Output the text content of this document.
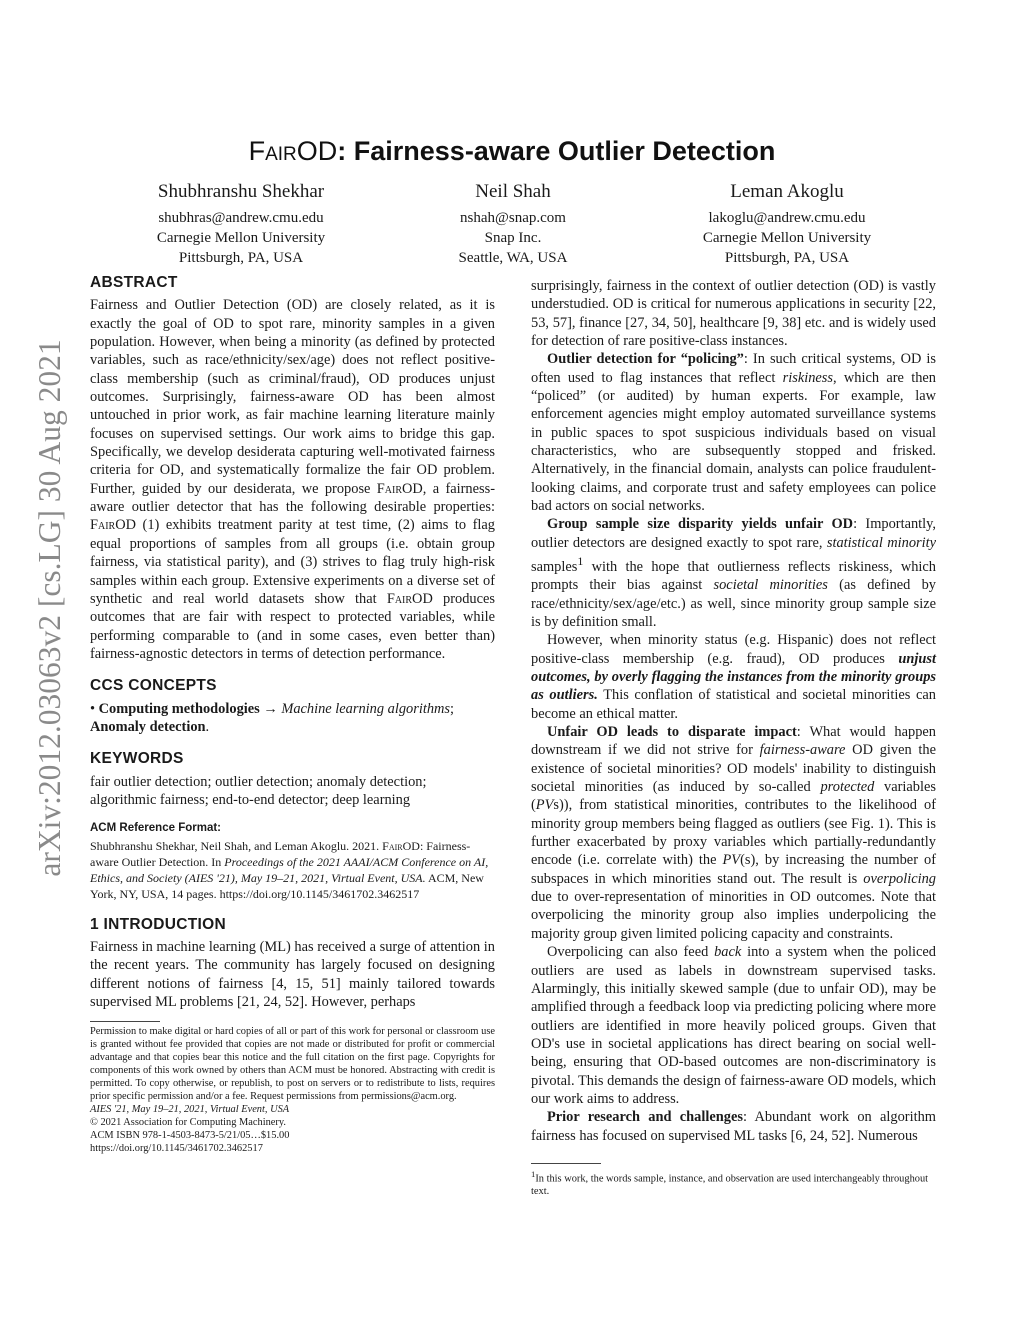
arXiv:2012.03063v2 [cs.LG] 30 Aug 2021
FairOD: Fairness-aware Outlier Detection
Shubhranshu Shekhar
shubhras@andrew.cmu.edu
Carnegie Mellon University
Pittsburgh, PA, USA
Neil Shah
nshah@snap.com
Snap Inc.
Seattle, WA, USA
Leman Akoglu
lakoglu@andrew.cmu.edu
Carnegie Mellon University
Pittsburgh, PA, USA
ABSTRACT

Fairness and Outlier Detection (OD) are closely related, as it is exactly the goal of OD to spot rare, minority samples in a given population. However, when being a minority (as defined by protected variables, such as race/ethnicity/sex/age) does not reflect positive-class membership (such as criminal/fraud), OD produces unjust outcomes. Surprisingly, fairness-aware OD has been almost untouched in prior work, as fair machine learning literature mainly focuses on supervised settings. Our work aims to bridge this gap. Specifically, we develop desiderata capturing well-motivated fairness criteria for OD, and systematically formalize the fair OD problem. Further, guided by our desiderata, we propose FairOD, a fairness-aware outlier detector that has the following desirable properties: FairOD (1) exhibits treatment parity at test time, (2) aims to flag equal proportions of samples from all groups (i.e. obtain group fairness, via statistical parity), and (3) strives to flag truly high-risk samples within each group. Extensive experiments on a diverse set of synthetic and real world datasets show that FairOD produces outcomes that are fair with respect to protected variables, while performing comparable to (and in some cases, even better than) fairness-agnostic detectors in terms of detection performance.

CCS CONCEPTS

• Computing methodologies → Machine learning algorithms; Anomaly detection.

KEYWORDS

fair outlier detection; outlier detection; anomaly detection; algorithmic fairness; end-to-end detector; deep learning

ACM Reference Format:

Shubhranshu Shekhar, Neil Shah, and Leman Akoglu. 2021. FairOD: Fairness-aware Outlier Detection. In Proceedings of the 2021 AAAI/ACM Conference on AI, Ethics, and Society (AIES '21), May 19–21, 2021, Virtual Event, USA. ACM, New York, NY, USA, 14 pages. https://doi.org/10.1145/3461702.3462517

1 INTRODUCTION

Fairness in machine learning (ML) has received a surge of attention in the recent years. The community has largely focused on designing different notions of fairness [4, 15, 51] mainly tailored towards supervised ML problems [21, 24, 52]. However, perhaps

Permission to make digital or hard copies of all or part of this work for personal or classroom use is granted without fee provided that copies are not made or distributed for profit or commercial advantage and that copies bear this notice and the full citation on the first page. Copyrights for components of this work owned by others than ACM must be honored. Abstracting with credit is permitted. To copy otherwise, or republish, to post on servers or to redistribute to lists, requires prior specific permission and/or a fee. Request permissions from permissions@acm.org.

AIES '21, May 19–21, 2021, Virtual Event, USA
© 2021 Association for Computing Machinery.
ACM ISBN 978-1-4503-8473-5/21/05…$15.00
https://doi.org/10.1145/3461702.3462517

surprisingly, fairness in the context of outlier detection (OD) is vastly understudied. OD is critical for numerous applications in security [22, 53, 57], finance [27, 34, 50], healthcare [9, 38] etc. and is widely used for detection of rare positive-class instances.

Outlier detection for “policing”: In such critical systems, OD is often used to flag instances that reflect riskiness, which are then “policed” (or audited) by human experts. For example, law enforcement agencies might employ automated surveillance systems in public spaces to spot suspicious individuals based on visual characteristics, who are subsequently stopped and frisked. Alternatively, in the financial domain, analysts can police fraudulent-looking claims, and corporate trust and safety employees can police bad actors on social networks.

Group sample size disparity yields unfair OD: Importantly, outlier detectors are designed exactly to spot rare, statistical minority samples$^1$ with the hope that outlierness reflects riskiness, which prompts their bias against societal minorities (as defined by race/ethnicity/sex/age/etc.) as well, since minority group sample size is by definition small.

However, when minority status (e.g. Hispanic) does not reflect positive-class membership (e.g. fraud), OD produces unjust outcomes, by overly flagging the instances from the minority groups as outliers. This conflation of statistical and societal minorities can become an ethical matter.

Unfair OD leads to disparate impact: What would happen downstream if we did not strive for fairness-aware OD given the existence of societal minorities? OD models' inability to distinguish societal minorities (as induced by so-called protected variables (PVs)), from statistical minorities, contributes to the likelihood of minority group members being flagged as outliers (see Fig. 1). This is further exacerbated by proxy variables which partially-redundantly encode (i.e. correlate with) the PV(s), by increasing the number of subspaces in which minorities stand out. The result is overpolicing due to over-representation of minorities in OD outcomes. Note that overpolicing the minority group also implies underpolicing the majority group given limited policing capacity and constraints.

Overpolicing can also feed back into a system when the policed outliers are used as labels in downstream supervised tasks. Alarmingly, this initially skewed sample (due to unfair OD), may be amplified through a feedback loop via predicting policing where more outliers are identified in more heavily policed groups. Given that OD's use in societal applications has direct bearing on social well-being, ensuring that OD-based outcomes are non-discriminatory is pivotal. This demands the design of fairness-aware OD models, which our work aims to address.

Prior research and challenges: Abundant work on algorithm fairness has focused on supervised ML tasks [6, 24, 52]. Numerous

$^1$In this work, the words sample, instance, and observation are used interchangeably throughout text.
